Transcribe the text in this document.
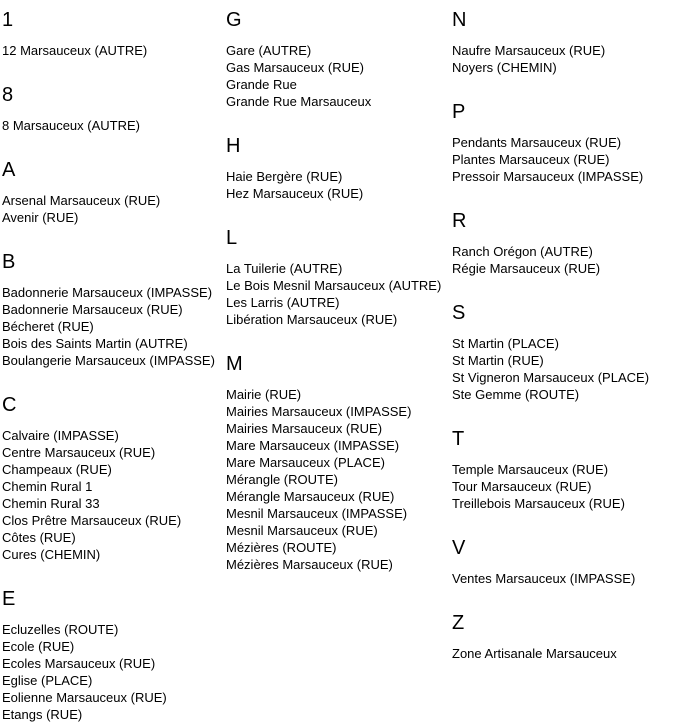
1
12 Marsauceux (AUTRE)
8
8 Marsauceux (AUTRE)
A
Arsenal Marsauceux (RUE)
Avenir (RUE)
B
Badonnerie Marsauceux (IMPASSE)
Badonnerie Marsauceux (RUE)
Bécheret (RUE)
Bois des Saints Martin (AUTRE)
Boulangerie Marsauceux (IMPASSE)
C
Calvaire (IMPASSE)
Centre Marsauceux (RUE)
Champeaux (RUE)
Chemin Rural 1
Chemin Rural 33
Clos Prêtre Marsauceux (RUE)
Côtes (RUE)
Cures (CHEMIN)
E
Ecluzelles (ROUTE)
Ecole (RUE)
Ecoles Marsauceux (RUE)
Eglise (PLACE)
Eolienne Marsauceux (RUE)
Etangs (RUE)
G
Gare (AUTRE)
Gas Marsauceux (RUE)
Grande Rue
Grande Rue Marsauceux
H
Haie Bergère (RUE)
Hez Marsauceux (RUE)
L
La Tuilerie (AUTRE)
Le Bois Mesnil Marsauceux (AUTRE)
Les Larris (AUTRE)
Libération Marsauceux (RUE)
M
Mairie (RUE)
Mairies Marsauceux (IMPASSE)
Mairies Marsauceux (RUE)
Mare Marsauceux (IMPASSE)
Mare Marsauceux (PLACE)
Mérangle (ROUTE)
Mérangle Marsauceux (RUE)
Mesnil Marsauceux (IMPASSE)
Mesnil Marsauceux (RUE)
Mézières (ROUTE)
Mézières Marsauceux (RUE)
N
Naufre Marsauceux (RUE)
Noyers (CHEMIN)
P
Pendants Marsauceux (RUE)
Plantes Marsauceux (RUE)
Pressoir Marsauceux (IMPASSE)
R
Ranch Orégon (AUTRE)
Régie Marsauceux (RUE)
S
St Martin (PLACE)
St Martin (RUE)
St Vigneron Marsauceux (PLACE)
Ste Gemme (ROUTE)
T
Temple Marsauceux (RUE)
Tour Marsauceux (RUE)
Treillebois Marsauceux (RUE)
V
Ventes Marsauceux (IMPASSE)
Z
Zone Artisanale Marsauceux
